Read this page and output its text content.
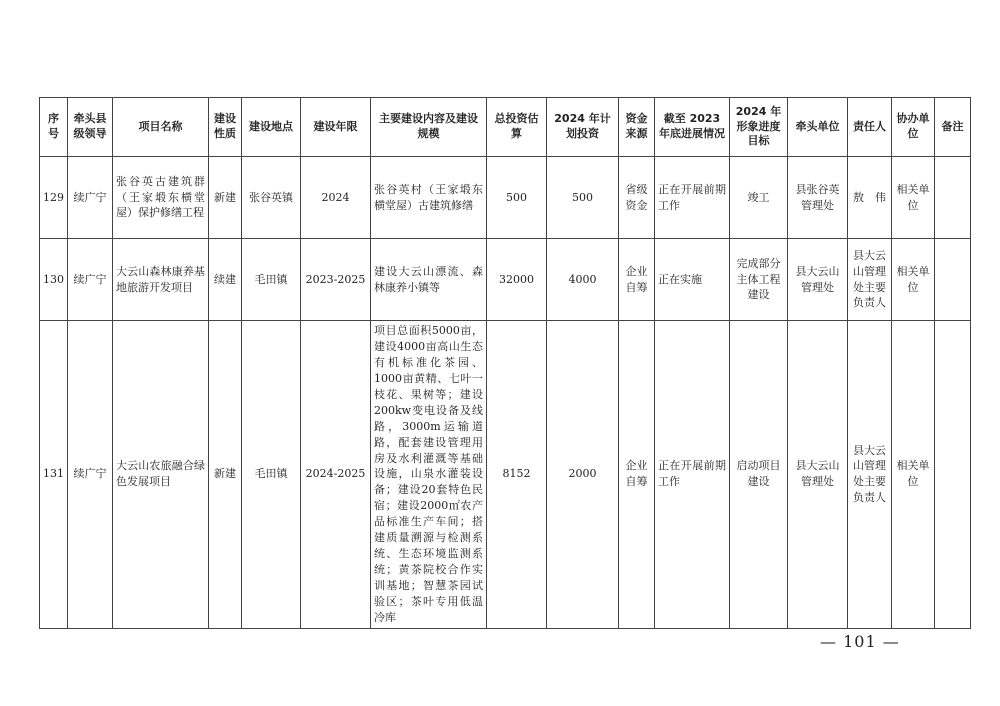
序号	牵头县级领导	项目名称	建设性质	建设地点	建设年限	主要建设内容及建设规模	总投资估算	2024 年计划投资	资金来源	截至 2023 年底进展情况	2024 年形象进度目标	牵头单位	责任人	协办单位	备注
129	续广宁	张谷英古建筑群（王家塅东横堂屋）保护修缮工程	新建	张谷英镇	2024	张谷英村（王家塅东横堂屋）古建筑修缮	500	500	省级资金	正在开展前期工作	竣工	县张谷英管理处	敖　伟	相关单位	
130	续广宁	大云山森林康养基地旅游开发项目	续建	毛田镇	2023-2025	建设大云山漂流、森林康养小镇等	32000	4000	企业自筹	正在实施	完成部分主体工程建设	县大云山管理处	县大云山管理处主要负责人	相关单位	
131	续广宁	大云山农旅融合绿色发展项目	新建	毛田镇	2024-2025	项目总面积5000亩，建设4000亩高山生态有机标准化茶园、1000亩黄精、七叶一枝花、果树等；建设200kw变电设备及线路，3000m运输道路，配套建设管理用房及水利灌溉等基础设施，山泉水灌装设备；建设20套特色民宿；建设2000㎡农产品标准生产车间；搭建质量溯源与检测系统、生态环境监测系统；黄茶院校合作实训基地；智慧茶园试验区；茶叶专用低温冷库	8152	2000	企业自筹	正在开展前期工作	启动项目建设	县大云山管理处	县大云山管理处主要负责人	相关单位	
— 101 —
